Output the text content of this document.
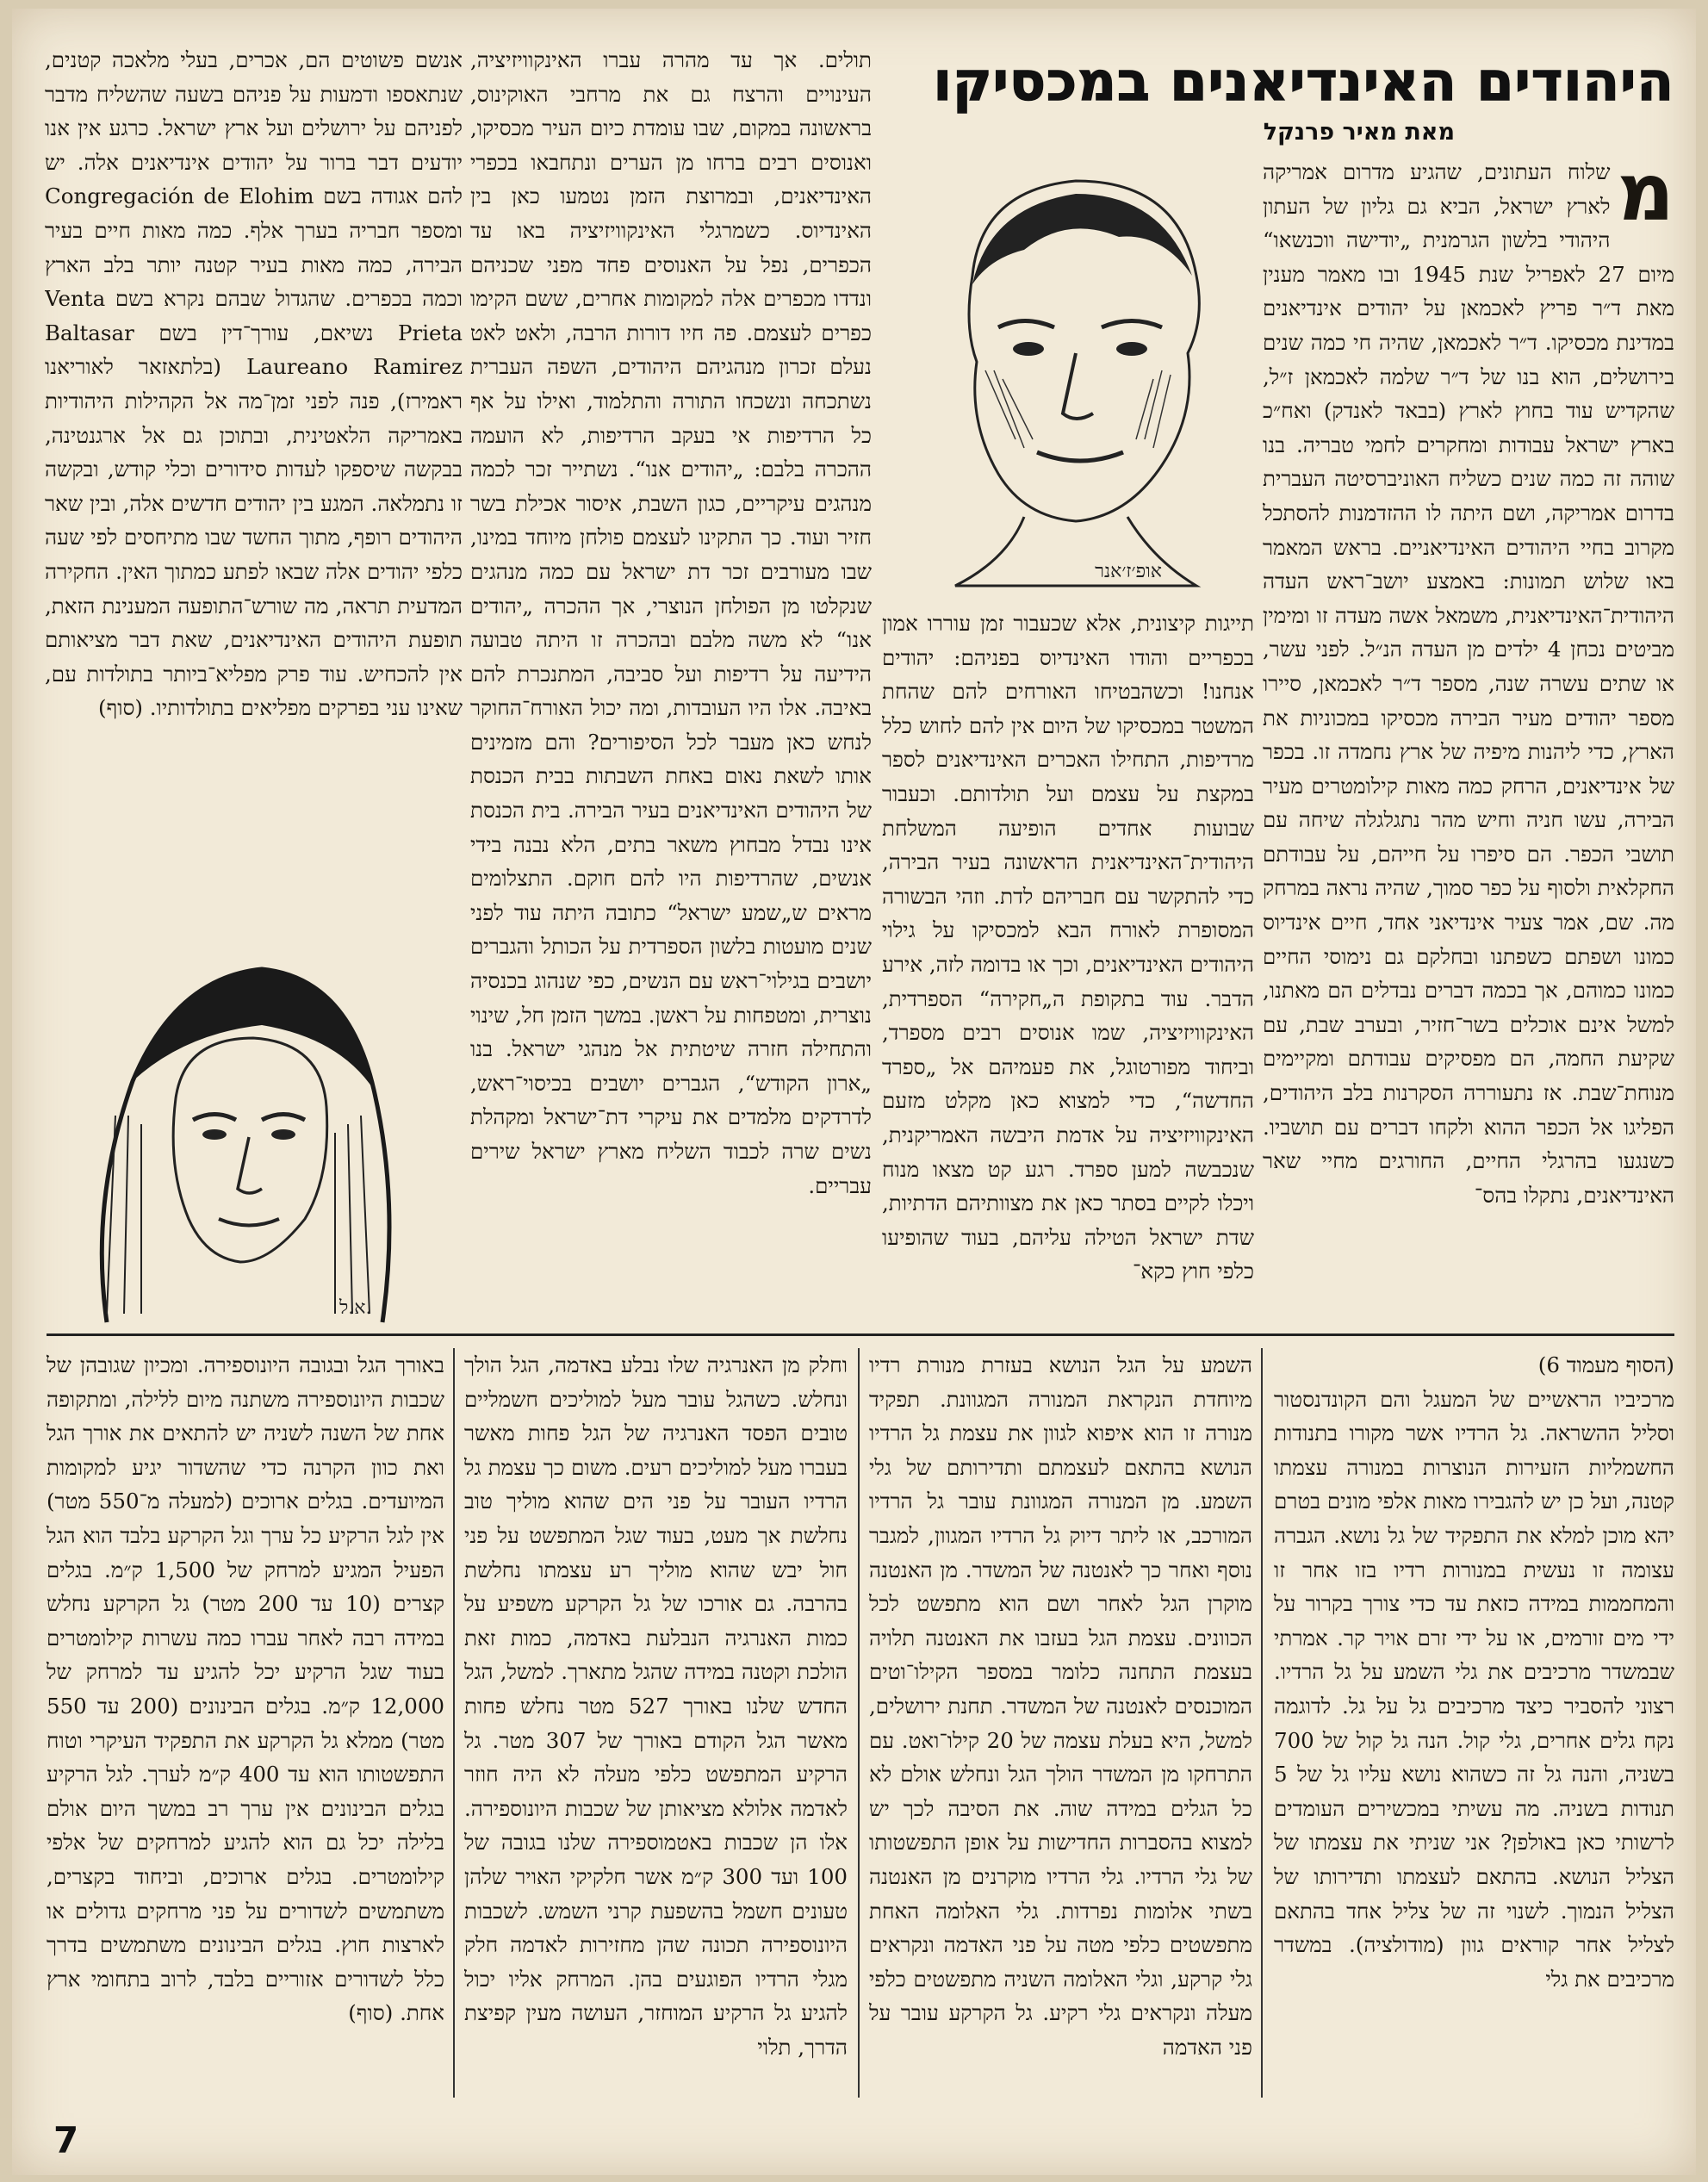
היהודים האינדיאנים במכסיקו
מאת מאיר פרנקל

מ
שלוח העתונים, שהגיע מדרום אמריקה לארץ ישראל, הביא גם גליון של העתון היהודי בלשון הגרמנית „יודישה ווכנשאו“ מיום 27 לאפריל שנת 1945 ובו מאמר מענין מאת ד״ר פריץ לאכמאן על יהודים אינדיאנים במדינת מכסיקו. ד״ר לאכמאן, שהיה חי כמה שנים בירושלים, הוא בנו של ד״ר שלמה לאכמאן ז״ל, שהקדיש עוד בחוץ לארץ (בבאד לאנדק) ואח״כ בארץ ישראל עבודות ומחקרים לחמי טבריה. בנו שוהה זה כמה שנים כשליח האוניברסיטה העברית בדרום אמריקה, ושם היתה לו ההזדמנות להסתכל מקרוב בחיי היהודים האינדיאניים. בראש המאמר באו שלוש תמונות: באמצע יושב־ראש העדה היהודית־האינדיאנית, משמאל אשה מעדה זו ומימין מביטים נכחן 4 ילדים מן העדה הנ״ל. לפני עשר, או שתים עשרה שנה, מספר ד״ר לאכמאן, סיירו מספר יהודים מעיר הבירה מכסיקו במכוניות את הארץ, כדי ליהנות מיפיה של ארץ נחמדה זו. בכפר של אינדיאנים, הרחק כמה מאות קילומטרים מעיר הבירה, עשו חניה וחיש מהר נתגלגלה שיחה עם תושבי הכפר. הם סיפרו על חייהם, על עבודתם החקלאית ולסוף על כפר סמוך, שהיה נראה במרחק מה. שם, אמר צעיר אינדיאני אחד, חיים אינדיוס כמונו ושפתם כשפתנו ובחלקם גם נימוסי החיים כמונו כמוהם, אך בכמה דברים נבדלים הם מאתנו, למשל אינם אוכלים בשר־חזיר, ובערב שבת, עם שקיעת החמה, הם מפסיקים עבודתם ומקיימים מנוחת־שבת. אז נתעוררה הסקרנות בלב היהודים, הפליגו אל הכפר ההוא ולקחו דברים עם תושביו. כשנגעו בהרגלי החיים, החורגים מחיי שאר האינדיאנים, נתקלו בהס־

אופ׳ז׳אנר

תייגות קיצונית, אלא שכעבור זמן עוררו אמון בכפריים והודו האינדיוס בפניהם: יהודים אנחנו! וכשהבטיחו האורחים להם שהחת המשטר במכסיקו של היום אין להם לחוש כלל מרדיפות, התחילו האכרים האינדיאנים לספר במקצת על עצמם ועל תולדותם. וכעבור שבועות אחדים הופיעה המשלחת היהודית־האינדיאנית הראשונה בעיר הבירה, כדי להתקשר עם חבריהם לדת. וזהי הבשורה המסופרת לאורח הבא למכסיקו על גילוי היהודים האינדיאנים, וכך או בדומה לזה, אירע הדבר. עוד בתקופת ה„חקירה“ הספרדית, האינקוויזיציה, שמו אנוסים רבים מספרד, וביחוד מפורטוגל, את פעמיהם אל „ספרד החדשה“, כדי למצוא כאן מקלט מזעם האינקוויזיציה על אדמת היבשה האמריקנית, שנכבשה למען ספרד. רגע קט מצאו מנוח ויכלו לקיים בסתר כאן את מצוותיהם הדתיות, שדת ישראל הטילה עליהם, בעוד שהופיעו כלפי חוץ כקא־

תולים. אך עד מהרה עברו האינקוויזיציה, העינויים והרצח גם את מרחבי האוקינוס, בראשונה במקום, שבו עומדת כיום העיר מכסיקו, ואנוסים רבים ברחו מן הערים ונתחבאו בכפרי האינדיאנים, ובמרוצת הזמן נטמעו כאן בין האינדיוס. כשמרגלי האינקוויזיציה באו עד הכפרים, נפל על האנוסים פחד מפני שכניהם ונדדו מכפרים אלה למקומות אחרים, ששם הקימו כפרים לעצמם. פה חיו דורות הרבה, ולאט לאט נעלם זכרון מנהגיהם היהודים, השפה העברית נשתכחה ונשכחו התורה והתלמוד, ואילו על אף כל הרדיפות אי בעקב הרדיפות, לא הועמה ההכרה בלבם: „יהודים אנו“. נשתייר זכר לכמה מנהגים עיקריים, כגון השבת, איסור אכילת בשר חזיר ועוד. כך התקינו לעצמם פולחן מיוחד במינו, שבו מעורבים זכר דת ישראל עם כמה מנהגים שנקלטו מן הפולחן הנוצרי, אך ההכרה „יהודים אנו“ לא משה מלבם ובהכרה זו היתה טבועה הידיעה על רדיפות ועל סביבה, המתנכרת להם באיבה. אלו היו העובדות, ומה יכול האורח־החוקר לנחש כאן מעבר לכל הסיפורים? והם מזמינים אותו לשאת נאום באחת השבתות בבית הכנסת של היהודים האינדיאנים בעיר הבירה. בית הכנסת אינו נבדל מבחוץ משאר בתים, הלא נבנה בידי אנשים, שהרדיפות היו להם חוקם. התצלומים מראים ש„שמע ישראל“ כתובה היתה עוד לפני שנים מועטות בלשון הספרדית על הכותל והגברים יושבים בגילוי־ראש עם הנשים, כפי שנהוג בכנסיה נוצרית, ומטפחות על ראשן. במשך הזמן חל, שינוי והתחילה חזרה שיטתית אל מנהגי ישראל. בנו „ארון הקודש“, הגברים יושבים בכיסוי־ראש, לדרדקים מלמדים את עיקרי דת־ישראל ומקהלת נשים שרה לכבוד השליח מארץ ישראל שירים עבריים.

אנשם פשוטים הם, אכרים, בעלי מלאכה קטנים, שנתאספו ודמעות על פניהם בשעה שהשליח מדבר לפניהם על ירושלים ועל ארץ ישראל. כרגע אין אנו יודעים דבר ברור על יהודים אינדיאנים אלה. יש להם אגודה בשם Congregación de Elohim ומספר חבריה בערך אלף. כמה מאות חיים בעיר הבירה, כמה מאות בעיר קטנה יותר בלב הארץ וכמה בכפרים. שהגדול שבהם נקרא בשם Venta Prieta נשיאם, עורך־דין בשם Baltasar Laureano Ramirez (בלתאזאר לאוריאנו ראמירז), פנה לפני זמן־מה אל הקהילות היהודיות באמריקה הלאטינית, ובתוכן גם אל ארגנטינה, בבקשה שיספקו לעדות סידורים וכלי קודש, ובקשה זו נתמלאה. המגע בין יהודים חדשים אלה, ובין שאר היהודים רופף, מתוך החשד שבו מתיחסים לפי שעה כלפי יהודים אלה שבאו לפתע כמתוך האין. החקירה המדעית תראה, מה שורש־התופעה המענינת הזאת, תופעת היהודים האינדיאנים, שאת דבר מציאותם אין להכחיש. עוד פרק מפליא־ביותר בתולדות עם, שאינו עני בפרקים מפליאים בתולדותיו. (סוף)

א.ל.

(הסוף מעמוד 6)

מרכיביו הראשיים של המעגל והם הקונדנסטור וסליל ההשראה. גל הרדיו אשר מקורו בתנודות החשמליות הזעירות הנוצרות במנורה עצמתו קטנה, ועל כן יש להגבירו מאות אלפי מונים בטרם יהא מוכן למלא את התפקיד של גל נושא. הגברה עצומה זו נעשית במנורות רדיו בזו אחר זו והמחממות במידה כזאת עד כדי צורך בקרור על ידי מים זורמים, או על ידי זרם אויר קר. אמרתי שבמשדר מרכיבים את גלי השמע על גל הרדיו. רצוני להסביר כיצד מרכיבים גל על גל. לדוגמה נקח גלים אחרים, גלי קול. הנה גל קול של 700 בשניה, והנה גל זה כשהוא נושא עליו גל של 5 תנודות בשניה. מה עשיתי במכשירים העומדים לרשותי כאן באולפן? אני שניתי את עצמתו של הצליל הנושא. בהתאם לעצמתו ותדירותו של הצליל הנמוך. לשנוי זה של צליל אחד בהתאם לצליל אחר קוראים גוון (מודולציה). במשדר מרכיבים את גלי

השמע על הגל הנושא בעזרת מנורת רדיו מיוחדת הנקראת המנורה המגוונת. תפקיד מנורה זו הוא איפוא לגוון את עצמת גל הרדיו הנושא בהתאם לעצמתם ותדירותם של גלי השמע. מן המנורה המגוונת עובר גל הרדיו המורכב, או ליתר דיוק גל הרדיו המגוון, למגבר נוסף ואחר כך לאנטנה של המשדר. מן האנטנה מוקרן הגל לאחר ושם הוא מתפשט לכל הכוונים. עצמת הגל בעזבו את האנטנה תלויה בעצמת התחנה כלומר במספר הקילו־וטים המוכנסים לאנטנה של המשדר. תחנת ירושלים, למשל, היא בעלת עצמה של 20 קילו־ואט. עם התרחקו מן המשדר הולך הגל ונחלש אולם לא כל הגלים במידה שוה. את הסיבה לכך יש למצוא בהסברות החדישות על אופן התפשטותו של גלי הרדיו. גלי הרדיו מוקרנים מן האנטנה בשתי אלומות נפרדות. גלי האלומה האחת מתפשטים כלפי מטה על פני האדמה ונקראים גלי קרקע, וגלי האלומה השניה מתפשטים כלפי מעלה ונקראים גלי רקיע. גל הקרקע עובר על פני האדמה

וחלק מן האנרגיה שלו נבלע באדמה, הגל הולך ונחלש. כשהגל עובר מעל למוליכים חשמליים טובים הפסד האנרגיה של הגל פחות מאשר בעברו מעל למוליכים רעים. משום כך עצמת גל הרדיו העובר על פני הים שהוא מוליך טוב נחלשת אך מעט, בעוד שגל המתפשט על פני חול יבש שהוא מוליך רע עצמתו נחלשת בהרבה. גם אורכו של גל הקרקע משפיע על כמות האנרגיה הנבלעת באדמה, כמות זאת הולכת וקטנה במידה שהגל מתארך. למשל, הגל החדש שלנו באורך 527 מטר נחלש פחות מאשר הגל הקודם באורך של 307 מטר. גל הרקיע המתפשט כלפי מעלה לא היה חוזר לאדמה אלולא מציאותן של שכבות היונוספירה. אלו הן שכבות באטמוספירה שלנו בגובה של 100 ועד 300 ק״מ אשר חלקיקי האויר שלהן טעונים חשמל בהשפעת קרני השמש. לשכבות היונוספירה תכונה שהן מחזירות לאדמה חלק מגלי הרדיו הפוגעים בהן. המרחק אליו יכול להגיע גל הרקיע המוחזר, העושה מעין קפיצת הדרך, תלוי

באורך הגל ובגובה היונוספירה. ומכיון שגובהן של שכבות היונוספירה משתנה מיום ללילה, ומתקופה אחת של השנה לשניה יש להתאים את אורך הגל ואת כוון הקרנה כדי שהשדור יגיע למקומות המיועדים. בגלים ארוכים (למעלה מ־550 מטר) אין לגל הרקיע כל ערך וגל הקרקע בלבד הוא הגל הפעיל המגיע למרחק של 1,500 ק״מ. בגלים קצרים (10 עד 200 מטר) גל הקרקע נחלש במידה רבה לאחר עברו כמה עשרות קילומטרים בעוד שגל הרקיע יכל להגיע עד למרחק של 12,000 ק״מ. בגלים הבינונים (200 עד 550 מטר) ממלא גל הקרקע את התפקיד העיקרי וטוח התפשטותו הוא עד 400 ק״מ לערך. לגל הרקיע בגלים הבינונים אין ערך רב במשך היום אולם בלילה יכל גם הוא להגיע למרחקים של אלפי קילומטרים. בגלים ארוכים, וביחוד בקצרים, משתמשים לשדורים על פני מרחקים גדולים או לארצות חוץ. בגלים הבינונים משתמשים בדרך כלל לשדורים אזוריים בלבד, לרוב בתחומי ארץ אחת. (סוף)

7
